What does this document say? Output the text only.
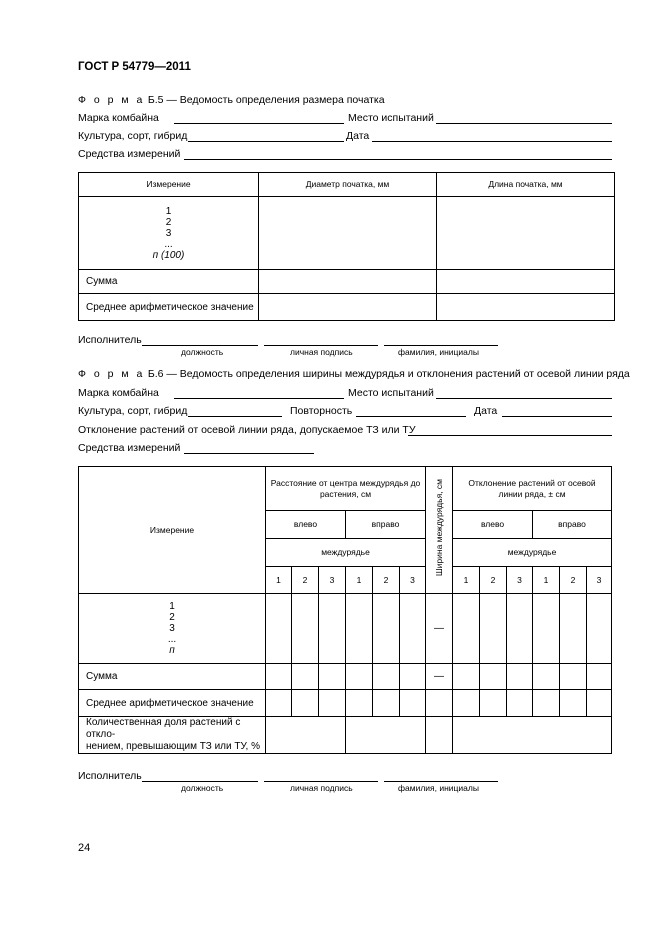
ГОСТ Р 54779—2011
Ф о р м а Б.5 — Ведомость определения размера початка
Марка комбайна	Место испытаний
Культура, сорт, гибрид	Дата
Средства измерений
Измерение	Диаметр початка, мм	Длина початка, мм

1
2
3
...
п (100)		

Сумма		
Среднее арифметическое значение		
Исполнитель
должность	личная подпись	фамилия, инициалы
Ф о р м а Б.6 — Ведомость определения ширины междурядья и отклонения растений от осевой линии ряда
Марка комбайна	Место испытаний
Культура, сорт, гибрид	Повторность	Дата
Отклонение растений от осевой линии ряда, допускаемое ТЗ или ТУ
Средства измерений
Измерение	Расстояние от центра междурядья до растения, см						Ширина междурядья, см	Отклонение растений от осевой линии ряда, ± см					
	влево			вправо				влево			вправо		
	междурядье							междурядье					
	1	2	3	1	2	3		1	2	3	1	2	3

1
2
3
...
п							—						
Сумма							—						
Среднее арифметическое значение													

Количественная доля растений с откло-
нением, превышающим ТЗ или ТУ, %													

Исполнитель
должность	личная подпись	фамилия, инициалы
24
